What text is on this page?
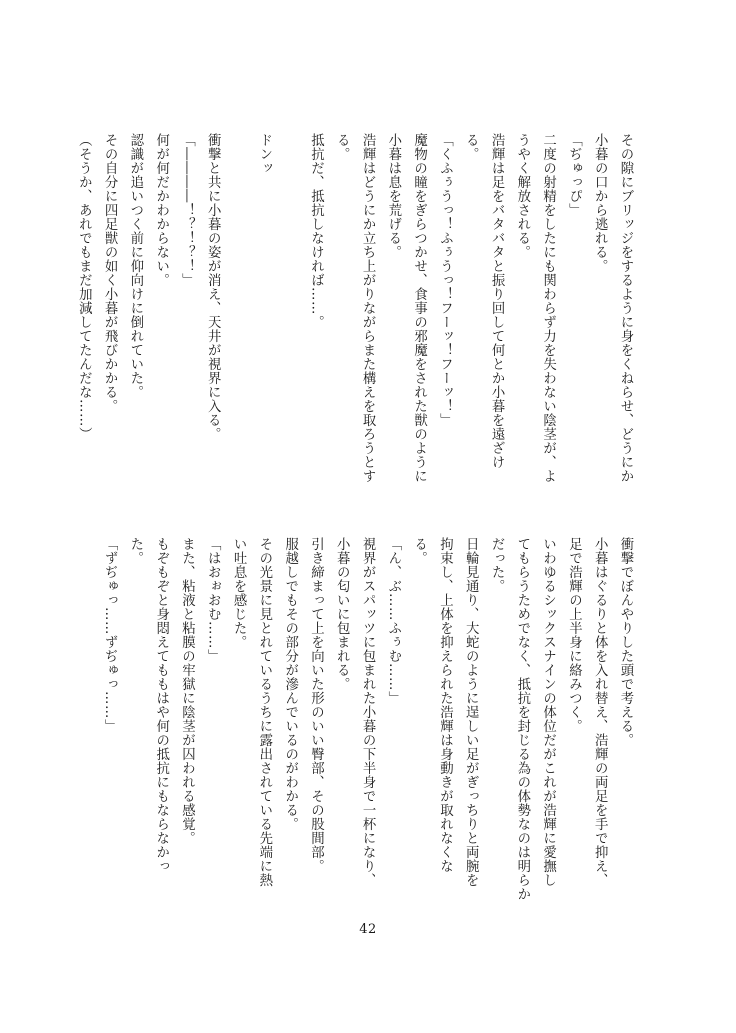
その隙にブリッジをするように身をくねらせ、どうにか
小暮の口から逃れる。
「ぢゅっぴ」
二度の射精をしたにも関わらず力を失わない陰茎が、よ
うやく解放される。
浩輝は足をバタバタと振り回して何とか小暮を遠ざけ
る。
「くふぅうっ！ふぅうっ！フーッ！フーッ！」
魔物の瞳をぎらつかせ、食事の邪魔をされた獣のように
小暮は息を荒げる。
浩輝はどうにか立ち上がりながらまた構えを取ろうとす
る。
抵抗だ、抵抗しなければ……。
ドンッ
衝撃と共に小暮の姿が消え、天井が視界に入る。
「――――！？！？！」
何が何だかわからない。
認識が追いつく前に仰向けに倒れていた。
その自分に四足獣の如く小暮が飛びかかる。
（そうか、あれでもまだ加減してたんだな……）
衝撃でぼんやりした頭で考える。
小暮はぐるりと体を入れ替え、浩輝の両足を手で抑え、
足で浩輝の上半身に絡みつく。
いわゆるシックスナインの体位だがこれが浩輝に愛撫し
てもらうためでなく、抵抗を封じる為の体勢なのは明らか
だった。
日輪見通り、大蛇のように逞しい足がぎっちりと両腕を
拘束し、上体を抑えられた浩輝は身動きが取れなくな
る。
「ん、ぶ……ふぅむ……」
視界がスパッツに包まれた小暮の下半身で一杯になり、
小暮の匂いに包まれる。
引き締まって上を向いた形のいい臀部、その股間部。
服越しでもその部分が滲んでいるのがわかる。
その光景に見とれているうちに露出されている先端に熱
い吐息を感じた。
「はおぉおむ……」
また、粘液と粘膜の牢獄に陰茎が囚われる感覚。
もぞもぞと身悶えてももはや何の抵抗にもならなかっ
た。
「ずぢゅっ……ずぢゅっ……」
42
